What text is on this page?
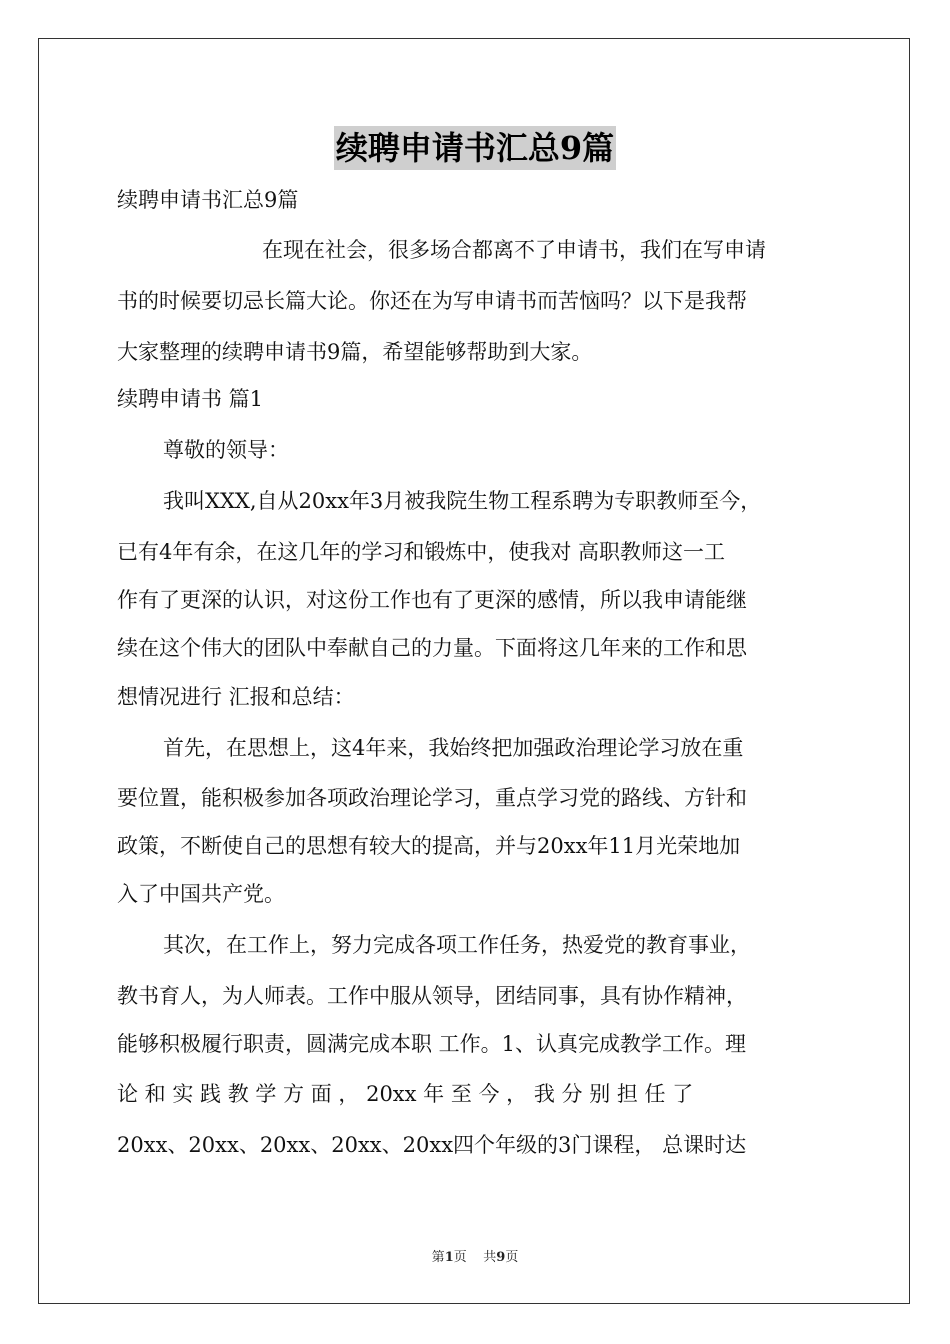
续聘申请书汇总9篇
续聘申请书汇总9篇
在现在社会，很多场合都离不了申请书，我们在写申请
书的时候要切忌长篇大论。你还在为写申请书而苦恼吗？以下是我帮
大家整理的续聘申请书9篇，希望能够帮助到大家。
续聘申请书 篇1
尊敬的领导：
我叫XXX,自从20xx年3月被我院生物工程系聘为专职教师至今，
已有4年有余，在这几年的学习和锻炼中，使我对 高职教师这一工
作有了更深的认识，对这份工作也有了更深的感情，所以我申请能继
续在这个伟大的团队中奉献自己的力量。下面将这几年来的工作和思
想情况进行 汇报和总结：
首先，在思想上，这4年来，我始终把加强政治理论学习放在重
要位置，能积极参加各项政治理论学习，重点学习党的路线、方针和
政策，不断使自己的思想有较大的提高，并与20xx年11月光荣地加
入了中国共产党。
其次，在工作上，努力完成各项工作任务，热爱党的教育事业，
教书育人，为人师表。工作中服从领导，团结同事，具有协作精神，
能够积极履行职责，圆满完成本职 工作。1、认真完成教学工作。理
论 和 实 践 教 学 方 面 ， 20xx 年 至 今 ， 我 分 别 担 任 了
20xx、20xx、20xx、20xx、20xx四个年级的3门课程， 总课时达
第1页    共9页
